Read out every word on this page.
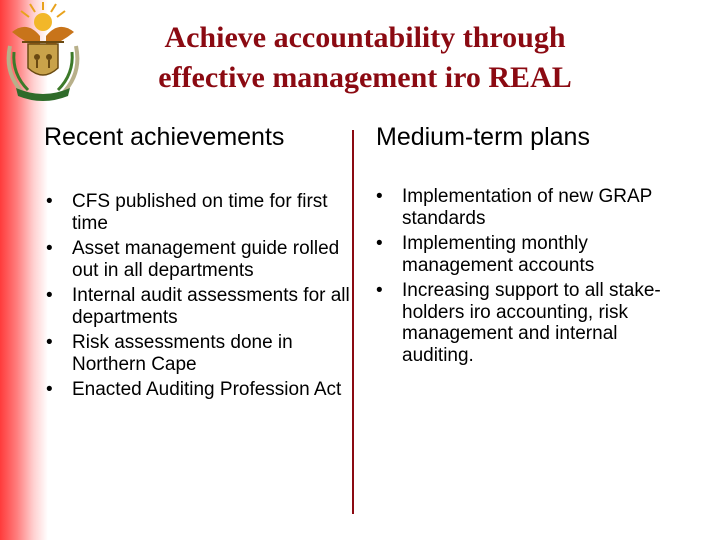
Achieve accountability through
effective management iro REAL
Recent achievements	Medium-term plans
• CFS published on time for first time
• Asset management guide rolled out in all departments
• Internal audit assessments for all departments
• Risk assessments done in Northern Cape
• Enacted Auditing Profession Act
• Implementation of new GRAP standards
• Implementing monthly management accounts
• Increasing support to all stake-holders iro accounting, risk management and internal auditing.
